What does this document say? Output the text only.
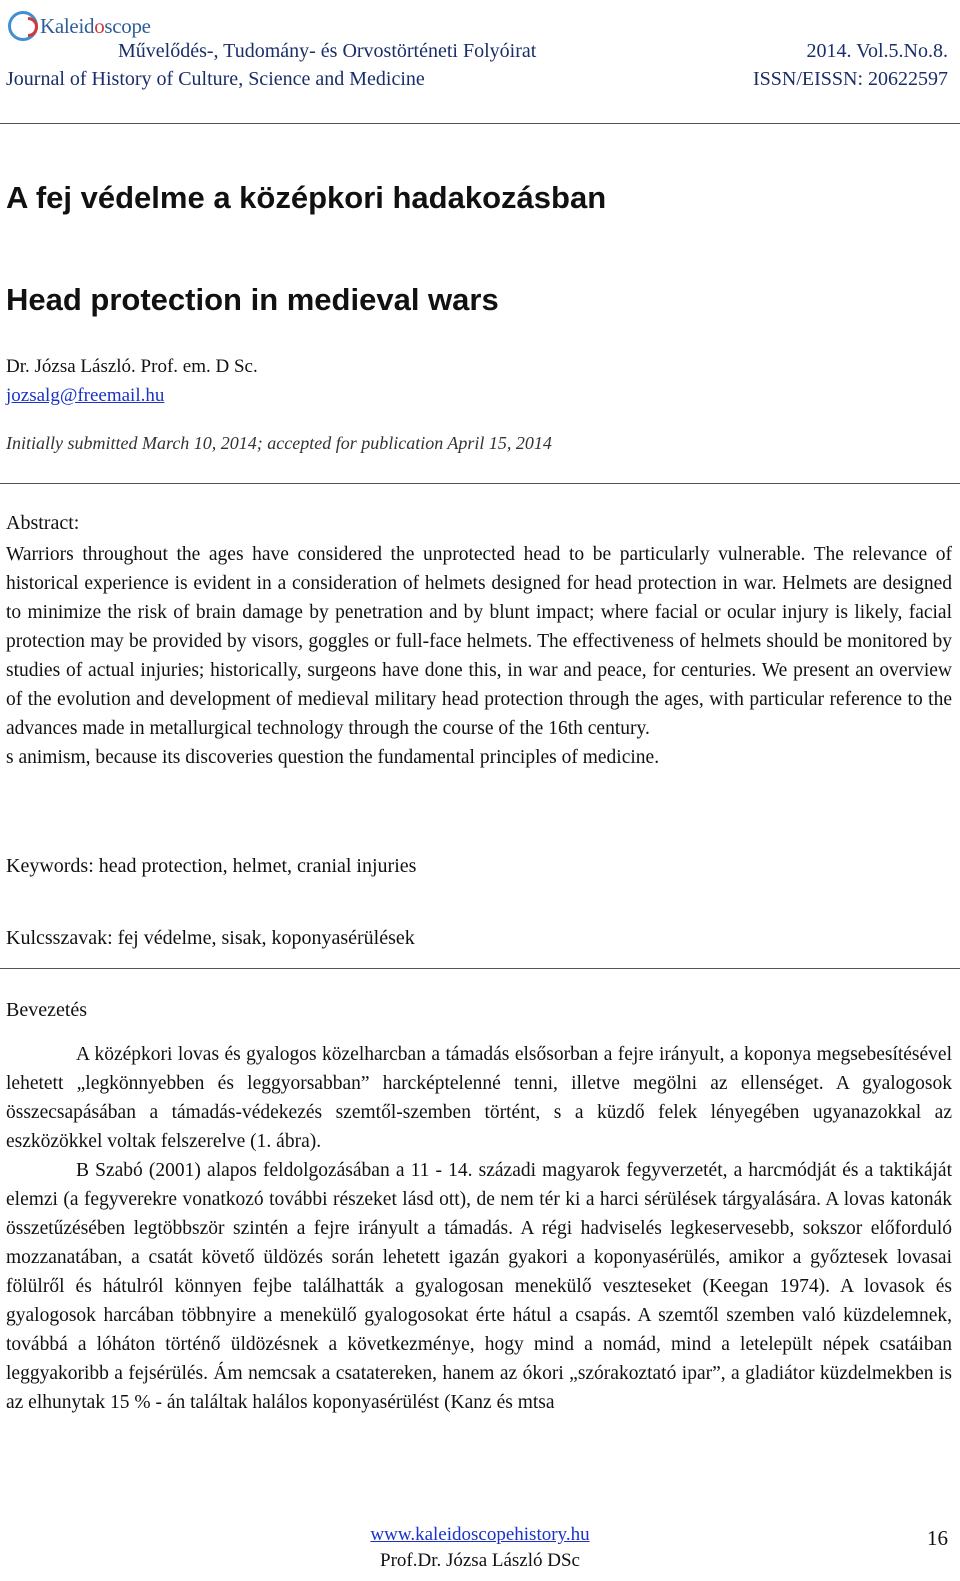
Kaleidoscope
Művelődés-, Tudomány- és Orvostörténeti Folyóirat	2014. Vol.5.No.8.
Journal of History of Culture, Science and Medicine	ISSN/EISSN: 20622597
A fej védelme a középkori hadakozásban
Head protection in medieval wars
Dr. Józsa László. Prof. em. D Sc.
jozsalg@freemail.hu
Initially submitted March 10, 2014; accepted for publication April 15, 2014
Abstract:

Warriors throughout the ages have considered the unprotected head to be particularly vulnerable. The relevance of historical experience is evident in a consideration of helmets designed for head protection in war. Helmets are designed to minimize the risk of brain damage by penetration and by blunt impact; where facial or ocular injury is likely, facial protection may be provided by visors, goggles or full-face helmets. The effectiveness of helmets should be monitored by studies of actual injuries; historically, surgeons have done this, in war and peace, for centuries. We present an overview of the evolution and development of medieval military head protection through the ages, with particular reference to the advances made in metallurgical technology through the course of the 16th century.

s animism, because its discoveries question the fundamental principles of medicine.

Keywords: head protection, helmet, cranial injuries
Kulcsszavak: fej védelme, sisak, koponyasérülések
Bevezetés

A középkori lovas és gyalogos közelharcban a támadás elsősorban a fejre irányult, a koponya megsebesítésével lehetett „legkönnyebben és leggyorsabban” harcképtelenné tenni, illetve megölni az ellenséget. A gyalogosok összecsapásában a támadás-védekezés szemtől-szemben történt, s a küzdő felek lényegében ugyanazokkal az eszközökkel voltak felszerelve (1. ábra).

B Szabó (2001) alapos feldolgozásában a 11 - 14. századi magyarok fegyverzetét, a harcmódját és a taktikáját elemzi (a fegyverekre vonatkozó további részeket lásd ott), de nem tér ki a harci sérülések tárgyalására. A lovas katonák összetűzésében legtöbbször szintén a fejre irányult a támadás. A régi hadviselés legkeservesebb, sokszor előforduló mozzanatában, a csatát követő üldözés során lehetett igazán gyakori a koponyasérülés, amikor a győztesek lovasai fölülről és hátulról könnyen fejbe találhatták a gyalogosan menekülő veszteseket (Keegan 1974). A lovasok és gyalogosok harcában többnyire a menekülő gyalogosokat érte hátul a csapás. A szemtől szemben való küzdelemnek, továbbá a lóháton történő üldözésnek a következménye, hogy mind a nomád, mind a letelepült népek csatáiban leggyakoribb a fejsérülés. Ám nemcsak a csatatereken, hanem az ókori „szórakoztató ipar”, a gladiátor küzdelmekben is az elhunytak 15 % - án találtak halálos koponyasérülést (Kanz és mtsa

www.kaleidoscopehistory.hu
Prof.Dr. Józsa László DSc
16
